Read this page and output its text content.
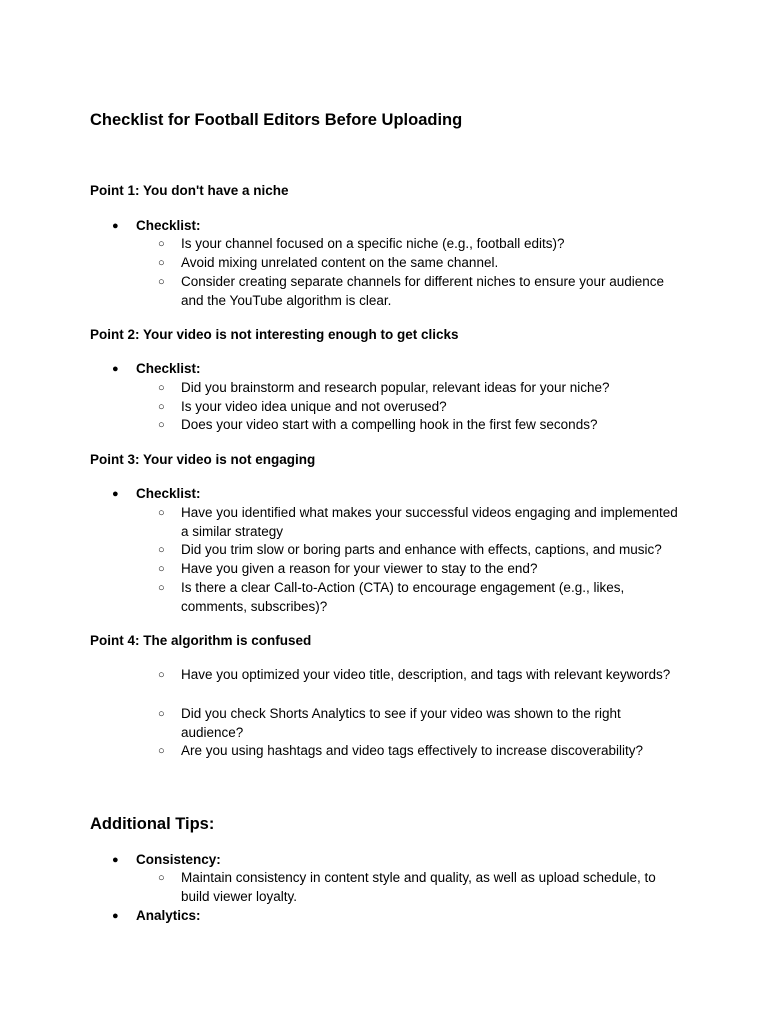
Checklist for Football Editors Before Uploading
Point 1: You don't have a niche
●	Checklist:
○ Is your channel focused on a specific niche (e.g., football edits)?
○ Avoid mixing unrelated content on the same channel.
○ Consider creating separate channels for different niches to ensure your audience and the YouTube algorithm is clear.
Point 2: Your video is not interesting enough to get clicks
●	Checklist:
○ Did you brainstorm and research popular, relevant ideas for your niche?
○ Is your video idea unique and not overused?
○ Does your video start with a compelling hook in the first few seconds?
Point 3: Your video is not engaging
●	Checklist:
○ Have you identified what makes your successful videos engaging and implemented a similar strategy
○ Did you trim slow or boring parts and enhance with effects, captions, and music?
○ Have you given a reason for your viewer to stay to the end?
○ Is there a clear Call-to-Action (CTA) to encourage engagement (e.g., likes, comments, subscribes)?
Point 4: The algorithm is confused
○ Have you optimized your video title, description, and tags with relevant keywords?
○ Did you check Shorts Analytics to see if your video was shown to the right audience?
○ Are you using hashtags and video tags effectively to increase discoverability?
Additional Tips:
●	Consistency:
○ Maintain consistency in content style and quality, as well as upload schedule, to build viewer loyalty.
●	Analytics:
